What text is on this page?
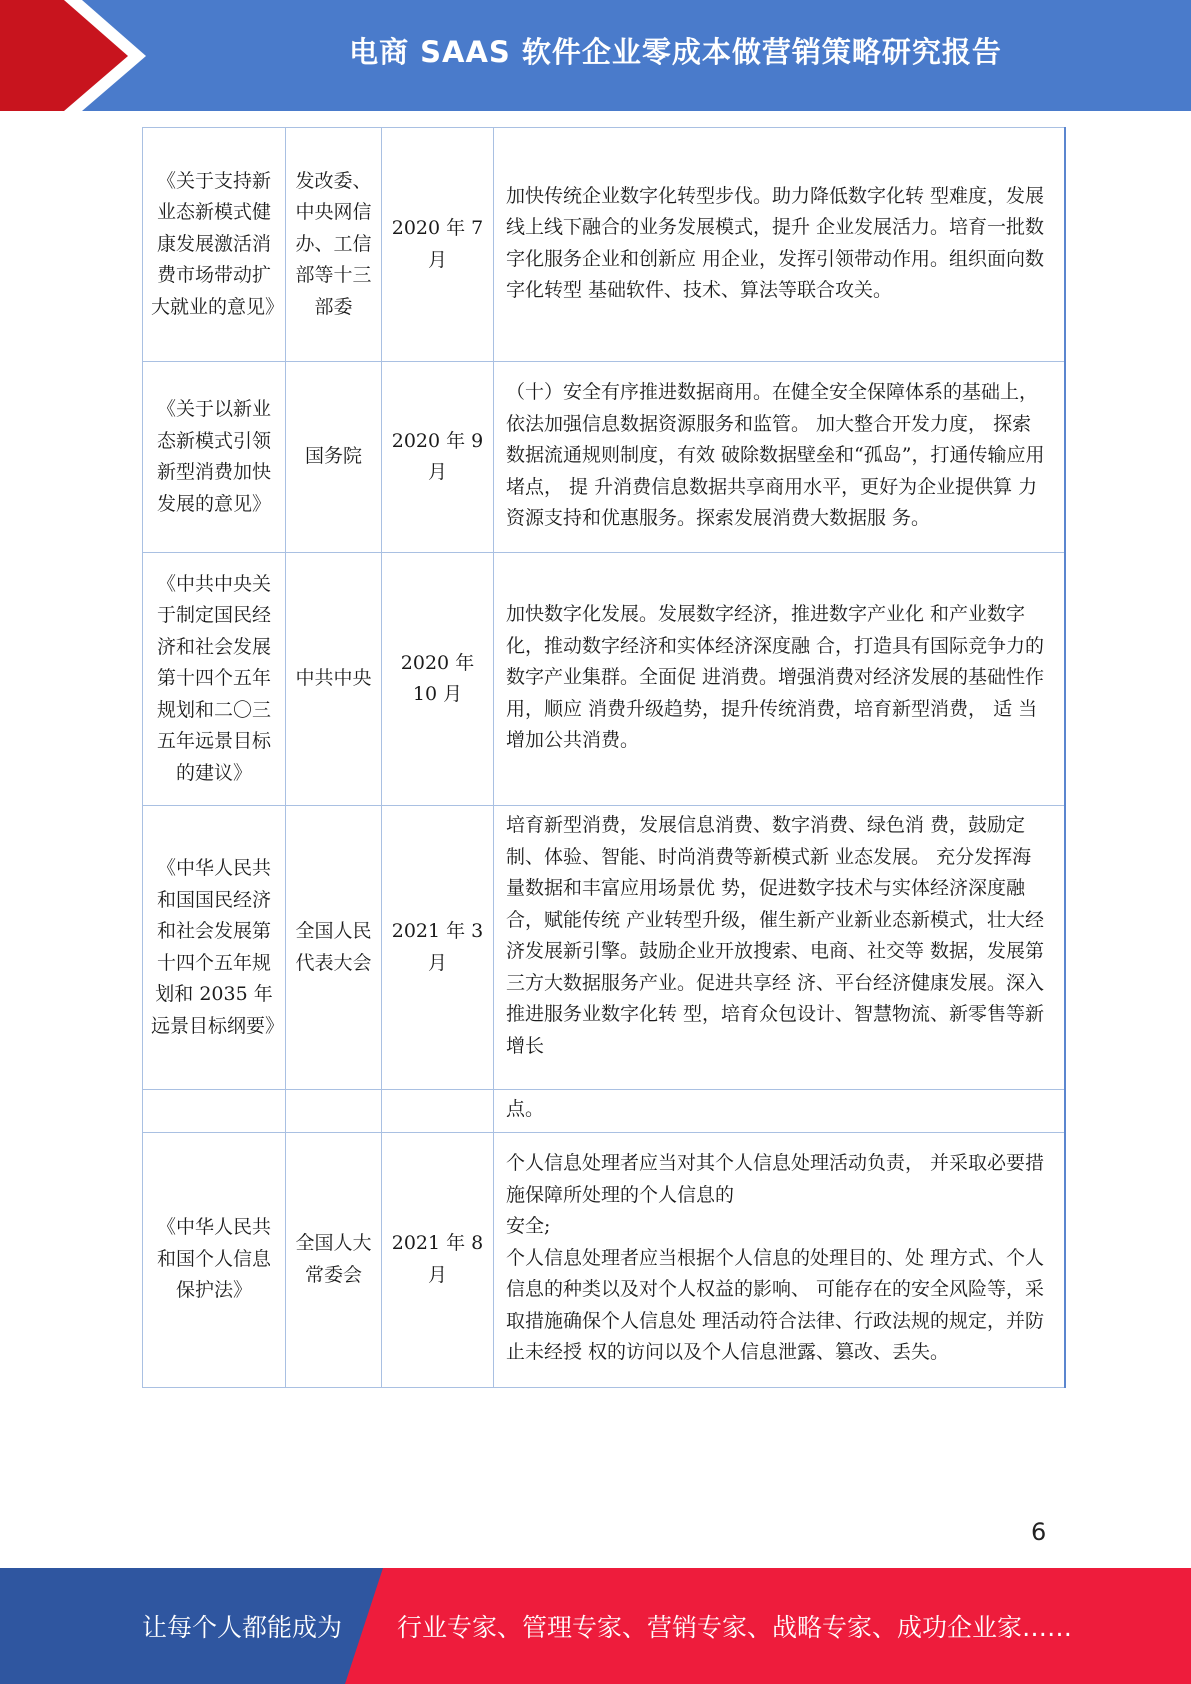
电商 SAAS 软件企业零成本做营销策略研究报告
《关于支持新业态新模式健康发展激活消费市场带动扩大就业的意见》	发改委、中央网信办、工信部等十三部委	2020 年 7 月	加快传统企业数字化转型步伐。助力降低数字化转 型难度，发展线上线下融合的业务发展模式，提升 企业发展活力。培育一批数字化服务企业和创新应 用企业，发挥引领带动作用。组织面向数字化转型 基础软件、技术、算法等联合攻关。

《关于以新业态新模式引领新型消费加快发展的意见》	国务院	2020 年 9 月	（十）安全有序推进数据商用。在健全安全保障体系的基础上，依法加强信息数据资源服务和监管。 加大整合开发力度， 探索数据流通规则制度，有效 破除数据壁垒和“孤岛”，打通传输应用堵点， 提 升消费信息数据共享商用水平，更好为企业提供算 力资源支持和优惠服务。探索发展消费大数据服 务。

《中共中央关于制定国民经济和社会发展第十四个五年规划和二〇三五年远景目标的建议》	中共中央	2020 年 10 月	加快数字化发展。发展数字经济，推进数字产业化 和产业数字化，推动数字经济和实体经济深度融 合，打造具有国际竞争力的数字产业集群。全面促 进消费。增强消费对经济发展的基础性作用，顺应 消费升级趋势，提升传统消费，培育新型消费， 适 当增加公共消费。

《中华人民共和国国民经济和社会发展第十四个五年规划和 2035 年远景目标纲要》	全国人民代表大会	2021 年 3 月	培育新型消费，发展信息消费、数字消费、绿色消 费，鼓励定制、体验、智能、时尚消费等新模式新 业态发展。 充分发挥海量数据和丰富应用场景优 势，促进数字技术与实体经济深度融合，赋能传统 产业转型升级，催生新产业新业态新模式，壮大经 济发展新引擎。鼓励企业开放搜索、电商、社交等 数据，发展第三方大数据服务产业。促进共享经 济、平台经济健康发展。深入推进服务业数字化转 型，培育众包设计、智慧物流、新零售等新增长

			点。

《中华人民共和国个人信息保护法》	全国人大常委会	2021 年 8 月	个人信息处理者应当对其个人信息处理活动负责， 并采取必要措施保障所处理的个人信息的

安全;

个人信息处理者应当根据个人信息的处理目的、处 理方式、个人信息的种类以及对个人权益的影响、 可能存在的安全风险等，采取措施确保个人信息处 理活动符合法律、行政法规的规定，并防止未经授 权的访问以及个人信息泄露、篡改、丢失。

6
让每个人都能成为 行业专家、管理专家、营销专家、战略专家、成功企业家……
